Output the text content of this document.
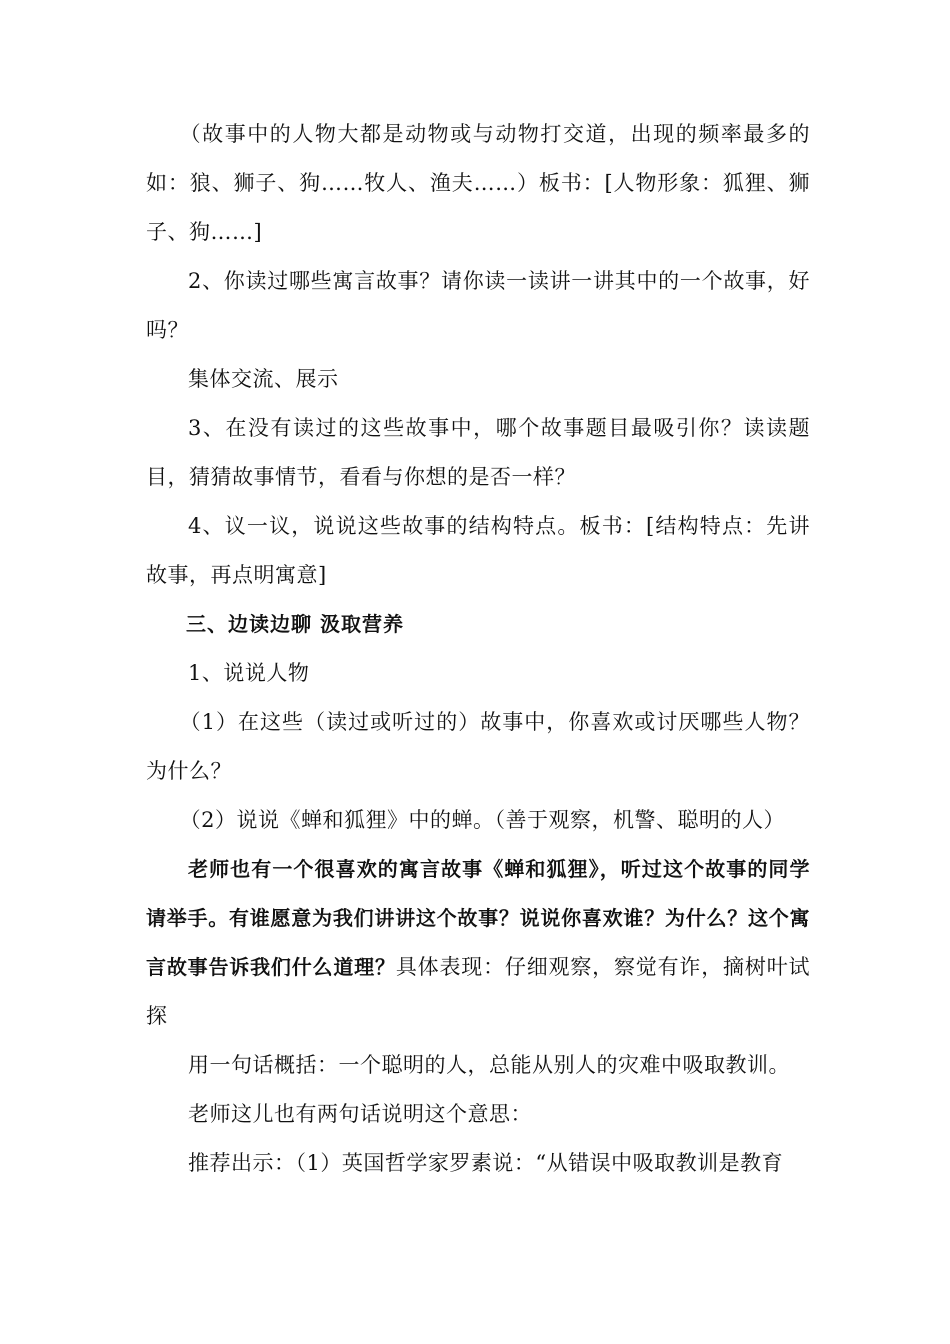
（故事中的人物大都是动物或与动物打交道，出现的频率最多的如：狼、狮子、狗……牧人、渔夫……）板书：[人物形象：狐狸、狮子、狗……]

2、你读过哪些寓言故事？请你读一读讲一讲其中的一个故事，好吗？

集体交流、展示

3、在没有读过的这些故事中，哪个故事题目最吸引你？读读题目，猜猜故事情节，看看与你想的是否一样？

4、议一议，说说这些故事的结构特点。板书：[结构特点：先讲故事，再点明寓意]

三、边读边聊 汲取营养

1、说说人物

（1）在这些（读过或听过的）故事中，你喜欢或讨厌哪些人物？为什么？

（2）说说《蝉和狐狸》中的蝉。（善于观察，机警、聪明的人）

老师也有一个很喜欢的寓言故事《蝉和狐狸》，听过这个故事的同学请举手。有谁愿意为我们讲讲这个故事？说说你喜欢谁？为什么？这个寓言故事告诉我们什么道理？具体表现：仔细观察，察觉有诈，摘树叶试探

用一句话概括：一个聪明的人，总能从别人的灾难中吸取教训。

老师这儿也有两句话说明这个意思：

推荐出示：（1）英国哲学家罗素说：“从错误中吸取教训是教育
